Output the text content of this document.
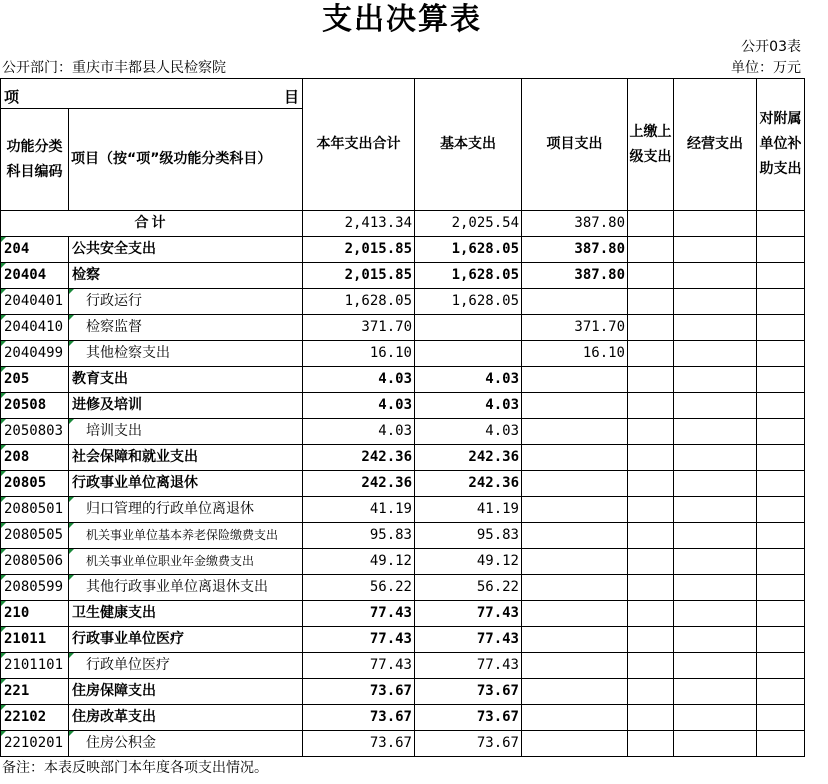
支出决算表
公开03表
公开部门：重庆市丰都县人民检察院	单位：万元
项 目		本年支出合计	基本支出	项目支出	上缴上级支出	经营支出	对附属单位补助支出
功能分类科目编码	项目（按“项”级功能分类科目）						
合计		2,413.34	2,025.54	387.80			
204	公共安全支出	2,015.85	1,628.05	387.80			
20404	检察	2,015.85	1,628.05	387.80			
2040401	行政运行	1,628.05	1,628.05				
2040410	检察监督	371.70		371.70			
2040499	其他检察支出	16.10		16.10			
205	教育支出	4.03	4.03				
20508	进修及培训	4.03	4.03				
2050803	培训支出	4.03	4.03				
208	社会保障和就业支出	242.36	242.36				
20805	行政事业单位离退休	242.36	242.36				
2080501	归口管理的行政单位离退休	41.19	41.19				
2080505	机关事业单位基本养老保险缴费支出	95.83	95.83				
2080506	机关事业单位职业年金缴费支出	49.12	49.12				
2080599	其他行政事业单位离退休支出	56.22	56.22				
210	卫生健康支出	77.43	77.43				
21011	行政事业单位医疗	77.43	77.43				
2101101	行政单位医疗	77.43	77.43				
221	住房保障支出	73.67	73.67				
22102	住房改革支出	73.67	73.67				
2210201	住房公积金	73.67	73.67				
备注：本表反映部门本年度各项支出情况。
